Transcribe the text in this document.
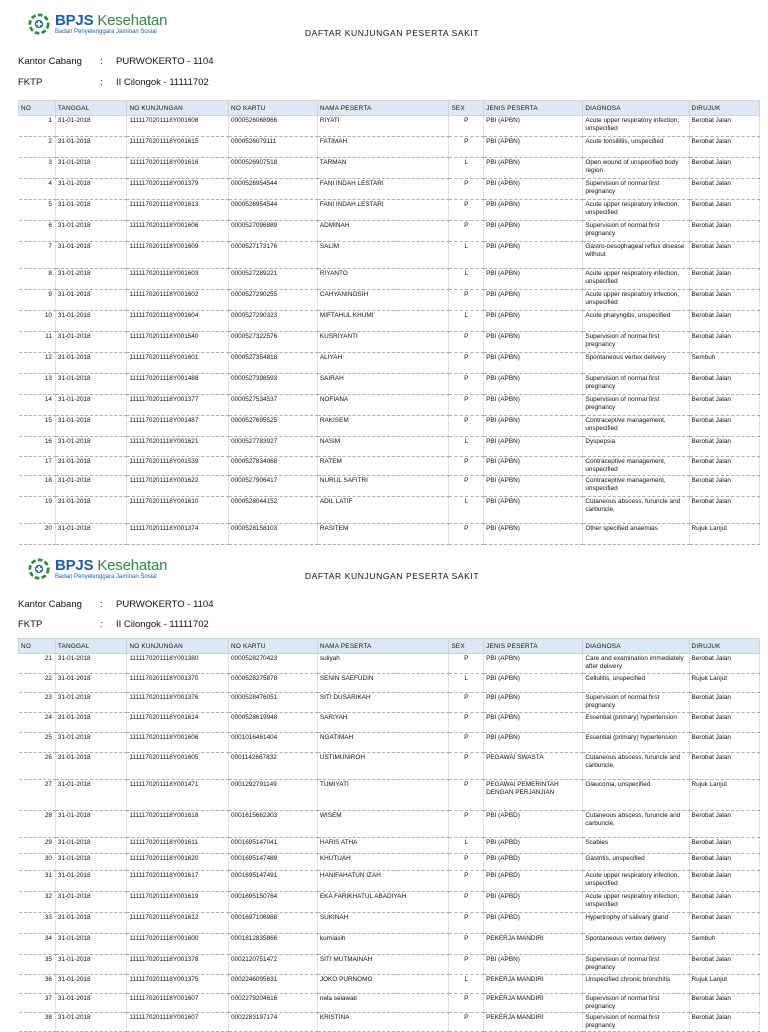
BPJS Kesehatan
Badan Penyelenggara Jaminan Sosial	DAFTAR KUNJUNGAN PESERTA SAKIT
Kantor Cabang : PURWOKERTO - 1104
FKTP	: II Cilongok - 11111702
NO	TANGGAL	NO KUNJUNGAN	NO KARTU	NAMA PESERTA	SEX	JENIS PESERTA	DIAGNOSA	DIRUJUK
1	31-01-2018	1111170201118Y001608	0000526068966	RIYATI	P	PBI (APBN)	Acute upper respiratory infection, unspecified	Berobat Jalan
2	31-01-2018	1111170201118Y001615	0000526079111	FATIMAH	P	PBI (APBN)	Acute tonsillitis, unspecified	Berobat Jalan
3	31-01-2018	1111170201118Y001616	0000526907518	TARMAN	L	PBI (APBN)	Open wound of unspecified body region	Berobat Jalan
4	31-01-2018	1111170201118Y001379	0000526954544	FANI INDAH LESTARI	P	PBI (APBN)	Supervision of normal first pregnancy	Berobat Jalan
5	31-01-2018	1111170201118Y001613	0000526954544	FANI INDAH LESTARI	P	PBI (APBN)	Acute upper respiratory infection, unspecified	Berobat Jalan
6	31-01-2018	1111170201118Y001606	0000527096889	ADMINAH	P	PBI (APBN)	Supervision of normal first pregnancy	Berobat Jalan
7	31-01-2018	1111170201118Y001609	0000527173176	SALIM	L	PBI (APBN)	Gastro-oesophageal reflux disease without	Berobat Jalan
8	31-01-2018	1111170201118Y001603	0000527289221	RIYANTO	L	PBI (APBN)	Acute upper respiratory infection, unspecified	Berobat Jalan
9	31-01-2018	1111170201118Y001602	0000527290255	CAHYANINGSIH	P	PBI (APBN)	Acute upper respiratory infection, unspecified	Berobat Jalan
10	31-01-2018	1111170201118Y001604	0000527290323	MIFTAHUL KHUMI	L	PBI (APBN)	Acute pharyngitis, unspecified	Berobat Jalan
11	31-01-2018	1111170201118Y001540	0000527322576	KUSRIYANTI	P	PBI (APBN)	Supervision of normal first pregnancy	Berobat Jalan
12	31-01-2018	1111170201118Y001601	0000527354818	ALIYAH	P	PBI (APBN)	Spontaneous vertex delivery	Sembuh
13	31-01-2018	1111170201118Y001488	0000527398593	SAIRAH	P	PBI (APBN)	Supervision of normal first pregnancy	Berobat Jalan
14	31-01-2018	1111170201118Y001377	0000527534537	NOFIANA	P	PBI (APBN)	Supervision of normal first pregnancy	Berobat Jalan
15	31-01-2018	1111170201118Y001487	0000527695525	RAKISEM	P	PBI (APBN)	Contraceptive management, unspecified	Berobat Jalan
16	31-01-2018	1111170201118Y001621	0000527783927	NASIM	L	PBI (APBN)	Dyspepsia	Berobat Jalan
17	31-01-2018	1111170201118Y001539	0000527834068	RATEM	P	PBI (APBN)	Contraceptive management, unspecified	Berobat Jalan
18	31-01-2018	1111170201118Y001622	0000527906417	NURUL SAFITRI	P	PBI (APBN)	Contraceptive management, unspecified	Berobat Jalan
19	31-01-2018	1111170201118Y001610	0000528044152	ADIL LATIF	L	PBI (APBN)	Cutaneous abscess, furuncle and carbuncle,	Berobat Jalan
20	31-01-2018	1111170201118Y001374	0000528158103	RASITEM	P	PBI (APBN)	Other specified anaemias	Rujuk Lanjut
BPJS Kesehatan
Badan Penyelenggara Jaminan Sosial	DAFTAR KUNJUNGAN PESERTA SAKIT
Kantor Cabang : PURWOKERTO - 1104
FKTP	: II Cilongok - 11111702
NO	TANGGAL	NO KUNJUNGAN	NO KARTU	NAMA PESERTA	SEX	JENIS PESERTA	DIAGNOSA	DIRUJUK
21	31-01-2018	1111170201118Y001380	0000528270423	suliyah	P	PBI (APBN)	Care and examination immediately after delivery	Berobat Jalan
22	31-01-2018	1111170201118Y001370	0000528275878	SENIN SAEFUDIN	L	PBI (APBN)	Cellulitis, unspecified	Rujuk Lanjut
23	31-01-2018	1111170201118Y001376	0000528476051	SITI DUSARIKAH	P	PBI (APBN)	Supervision of normal first pregnancy	Berobat Jalan
24	31-01-2018	1111170201118Y001614	0000528619948	SARIYAH	P	PBI (APBN)	Essential (primary) hypertension	Berobat Jalan
25	31-01-2018	1111170201118Y001606	0001016461404	NGATIMAH	P	PBI (APBN)	Essential (primary) hypertension	Berobat Jalan
26	31-01-2018	1111170201118Y001605	0001142667832	USTIMUNIROH	P	PEGAWAI SWASTA	Cutaneous abscess, furuncle and carbuncle,	Berobat Jalan
27	31-01-2018	1111170201118Y001471	0001292791149	TUMIYATI	P	PEGAWAI PEMERINTAH DENGAN PERJANJIAN	Glaucoma, unspecified	Rujuk Lanjut
28	31-01-2018	1111170201118Y001618	0001615662303	WISEM	P	PBI (APBD)	Cutaneous abscess, furuncle and carbuncle,	Berobat Jalan
29	31-01-2018	1111170201118Y001611	0001695147041	HARIS ATHA	L	PBI (APBD)	Scabies	Berobat Jalan
30	31-01-2018	1111170201118Y001620	0001695147489	KHUTUAH	P	PBI (APBD)	Gastritis, unspecified	Berobat Jalan
31	31-01-2018	1111170201118Y001617	0001695147491	HANIFAHATUN IZAH	P	PBI (APBD)	Acute upper respiratory infection, unspecified	Berobat Jalan
32	31-01-2018	1111170201118Y001619	0001695150764	EKA FARIKHATUL ABADIYAH	P	PBI (APBD)	Acute upper respiratory infection, unspecified	Berobat Jalan
33	31-01-2018	1111170201118Y001612	0001697106988	SUKINAH	P	PBI (APBD)	Hypertrophy of salivary gland	Berobat Jalan
34	31-01-2018	1111170201118Y001600	0001812835866	kurniasih	P	PEKERJA MANDIRI	Spontaneous vertex delivery	Sembuh
35	31-01-2018	1111170201118Y001378	0002120751472	SITI MUTMAINAH	P	PBI (APBN)	Supervision of normal first pregnancy	Berobat Jalan
36	31-01-2018	1111170201118Y001375	0002246095631	JOKO PURNOMO	L	PEKERJA MANDIRI	Unspecified chronic bronchitis	Rujuk Lanjut
37	31-01-2018	1111170201118Y001607	0002279204616	nela selawati	P	PEKERJA MANDIRI	Supervision of normal first pregnancy	Berobat Jalan
38	31-01-2018	1111170201118Y001607	0002283197174	KRISTINA	P	PEKERJA MANDIRI	Supervision of normal first pregnancy	Berobat Jalan
